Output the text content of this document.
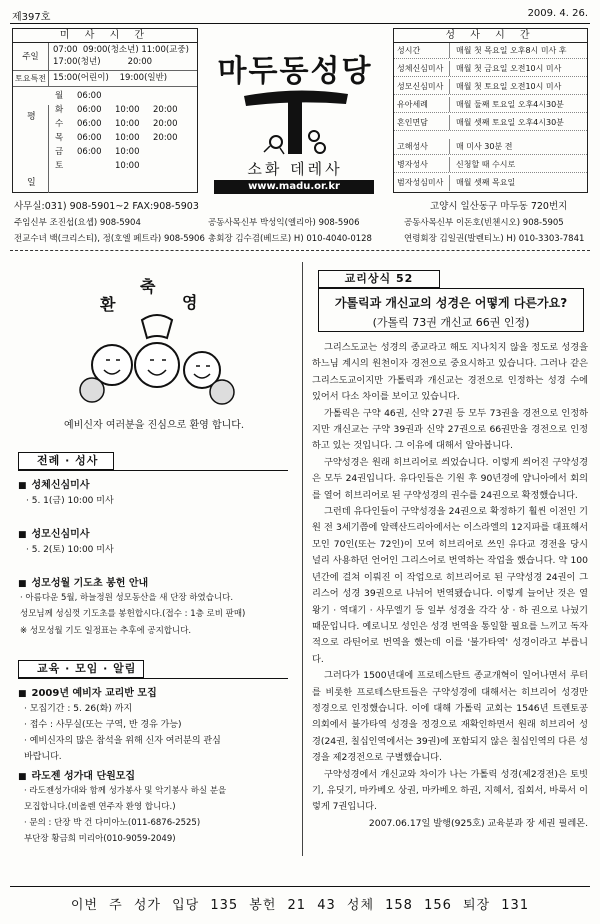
제397호	2009. 4. 26.
미 사 시 간
주일
07:00  09:00(청소년) 11:00(교중)
17:00(청년)          20:00
토요특전 15:00(어린이)    19:00(일반)
평
일
월	06:00
화	06:00 10:00 20:00
수	06:00 10:00 20:00
목	06:00 10:00 20:00
금	06:00 10:00
토	10:00
마두동성당
소화 데레사
www.madu.or.kr
성 사 시 간
성시간	매월 첫 목요일 오후8시 미사 후
성체신심미사	매월 첫 금요일 오전10시 미사
성모신심미사	매월 첫 토요일 오전10시 미사
유아세례	매월 둘째 토요일 오후4시30분
혼인면담	매월 셋째 토요일 오후4시30분
고해성사	매 미사 30분 전
병자성사	신청할 때 수시로
범자성심미사	매월 셋째 목요일
사무실:031) 908-5901~2 FAX:908-5903	고양시 일산동구 마두동 720번지
주임신부 조진섭(요셉) 908-5904	공동사목신부 박성익(엘리아) 908-5906	공동사목신부 이돈호(빈첸시오) 908-5905
전교수녀 백(크리스티), 정(호엘 페트라) 908-5906 총회장 김수겸(베드로) H) 010-4040-0128	연령회장 김일권(발렌티노) H) 010-3303-7841
환
축
영
예비신자 여러분을 진심으로 환영 합니다.
전례 · 성사
■ 성체신심미사
· 5. 1(금) 10:00 미사
■ 성모신심미사
· 5. 2(토) 10:00 미사
■ 성모성월 기도초 봉헌 안내
· 아름다운 5월, 하늘정원 성모동산을 새 단장 하였습니다.
성모님께 성심껏 기도초를 봉헌합시다.(접수 : 1층 로비 판매)
※ 성모성월 기도 일정표는 추후에 공지합니다.
교육 · 모임 · 알림
■ 2009년 예비자 교리반 모집
· 모집기간 : 5. 26(화) 까지
· 접수 : 사무실(또는 구역, 반 경유 가능)
· 예비신자의 많은 참석을 위해 신자 여러분의 관심
바랍니다.
■ 라도젠 성가대 단원모집
· 라도젠성가대와 함께 성가봉사 및 악기봉사 하실 분을
모집합니다.(비올렌 연주자 환영 합니다.)
· 문의 : 단장 박 건 다미아노(011-6876-2525)
부단장 황금희 미리아(010-9059-2049)
교리상식 52
가톨릭과 개신교의 성경은 어떻게 다른가요?
(가톨릭 73권 개신교 66권 인정)

그리스도교는 성경의 종교라고 해도 지나치지 않을 정도로 성경을 하느님 계시의 원천이자 경전으로 중요시하고 있습니다. 그러나 같은 그리스도교이지만 가톨릭과 개신교는 경전으로 인정하는 성경 수에 있어서 다소 차이를 보이고 있습니다.

가톨릭은 구약 46권, 신약 27권 등 모두 73권을 경전으로 인정하지만 개신교는 구약 39권과 신약 27권으로 66권만을 경전으로 인정하고 있는 것입니다. 그 이유에 대해서 알아봅니다.

구약성경은 원래 히브리어로 씌었습니다. 이렇게 씌어진 구약성경은 모두 24권입니다. 유다인들은 기원 후 90년경에 얌니아에서 회의를 열어 히브리어로 된 구약성경의 권수를 24권으로 확정했습니다.

그런데 유다인들이 구약성경을 24권으로 확정하기 훨씬 이전인 기원 전 3세기쯤에 알렉산드리아에서는 이스라엘의 12지파를 대표해서 모인 70인(또는 72인)이 모여 히브리어로 쓰인 유다교 경전을 당시 널리 사용하던 언어인 그리스어로 번역하는 작업을 했습니다. 약 100년간에 걸쳐 이뤄진 이 작업으로 히브리어로 된 구약성경 24권이 그리스어 성경 39권으로 나뉘어 번역됐습니다. 이렇게 늘어난 것은 열왕기 · 역대기 · 사무엘기 등 일부 성경을 각각 상 · 하 권으로 나눴기 때문입니다. 예로니모 성인은 성경 번역을 통일할 필요를 느끼고 독자적으로 라틴어로 번역을 했는데 이를 '불가타역' 성경이라고 부릅니다.

그러다가 1500년대에 프로테스탄트 종교개혁이 일어나면서 루터를 비롯한 프로테스탄트들은 구약성경에 대해서는 히브리어 성경만 정경으로 인정했습니다. 이에 대해 가톨릭 교회는 1546년 트렌토공의회에서 불가타역 성경을 정경으로 재확인하면서 원래 히브리어 성경(24권, 칠십인역에서는 39권)에 포함되지 않은 칠십인역의 다른 성경을 제2경전으로 구별했습니다.

구약성경에서 개신교와 차이가 나는 가톨릭 성경(제2경전)은 토빗기, 유딧기, 마카베오 상권, 마카베오 하권, 지혜서, 집회서, 바룩서 이렇게 7권입니다.

2007.06.17일 발행(925호) 교육분과 장 세권 필레몬.

이번 주 성가 입당 135 봉헌 21 43 성체 158 156 퇴장 131
